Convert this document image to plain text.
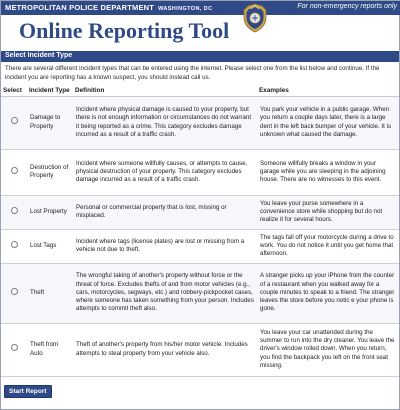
METROPOLITAN POLICE DEPARTMENT WASHINGTON, DC	For non-emergency reports only
Online Reporting Tool
Select Incident Type
There are several different incident types that can be entered using the internet. Please select one from the list below and continue. If the incident you are reporting has a known suspect, you should instead call us.
Select	Incident Type	Definition	Examples
	Damage to Property	Incident where physical damage is caused to your property, but there is not enough information or circumstances do not warrant it being reported as a crime. This category excludes damage incurred as a result of a traffic crash.	You park your vehicle in a public garage. When you return a couple days later, there is a large dent in the left back bumper of your vehicle. It is unknown what caused the damage.
	Destruction of Property	Incident where someone willfully causes, or attempts to cause, physical destruction of your property. This category excludes damage incurred as a result of a traffic crash.	Someone willfully breaks a window in your garage while you are sleeping in the adjoining house. There are no witnesses to this event.
	Lost Property	Personal or commercial property that is lost, missing or misplaced.	You leave your purse somewhere in a convenience store while shopping but do not realize it for several hours.
	Lost Tags	Incident where tags (license plates) are lost or missing from a vehicle not due to theft.	The tags fall off your motorcycle during a drive to work. You do not notice it until you get home that afternoon.
	Theft	The wrongful taking of another's property without force or the threat of force. Excludes thefts of and from motor vehicles (e.g., cars, motorcycles, segways, etc.) and robbery-pickpocket cases, where someone has taken something from your person. Includes attempts to commit theft also.	A stranger picks up your iPhone from the counter of a restaurant when you walked away for a couple minutes to speak to a friend. The stranger leaves the store before you notic e your phone is gone.
	Theft from Auto	Theft of another's property from his/her motor vehicle. Includes attempts to steal property from your vehicle also.	You leave your car unattended during the summer to run into the dry cleaner. You leave the driver's window rolled down. When you return, you find the backpack you left on the front seat missing.
Start Report
